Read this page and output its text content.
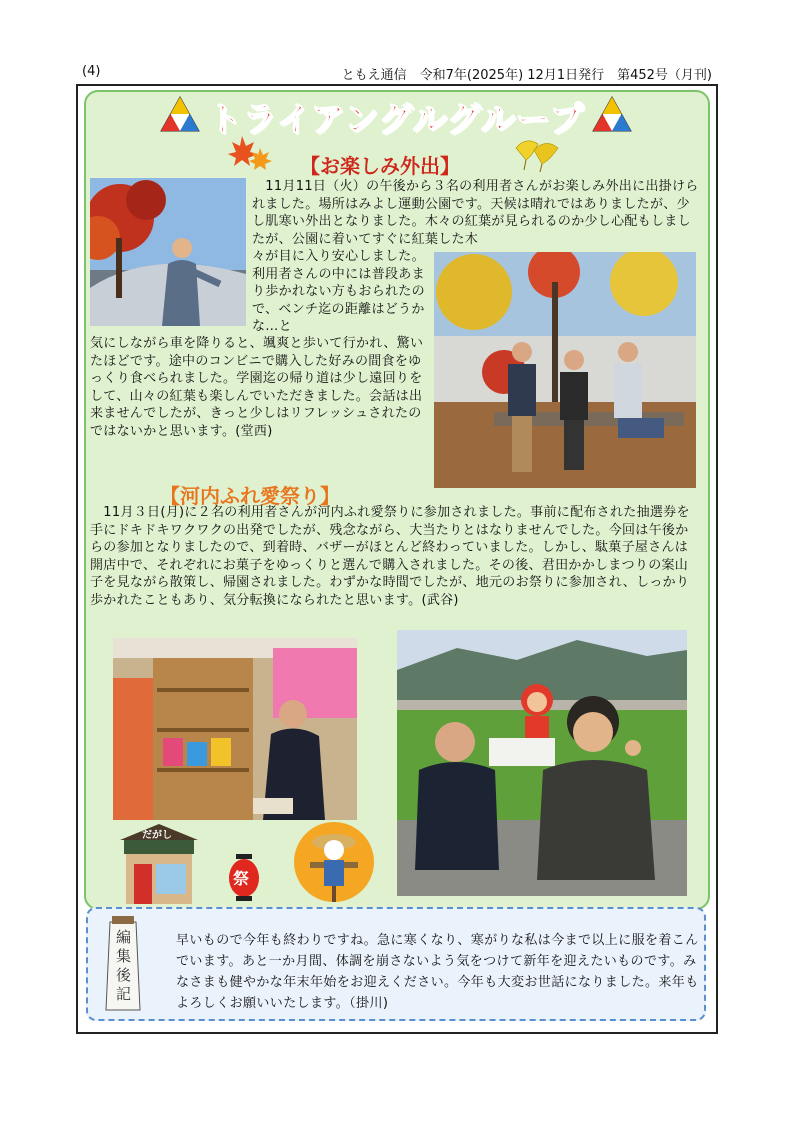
(4)	ともえ通信　令和7年(2025年) 12月1日発行　第452号（月刊)
トライアングルグループ
【お楽しみ外出】
　11月11日（火）の午後から３名の利用者さんがお楽しみ外出に出掛けられました。場所はみよし運動公園です。天候は晴れではありましたが、少し肌寒い外出となりました。木々の紅葉が見られるのか少し心配もしましたが、公園に着いてすぐに紅葉した木
々が目に入り安心しました。利用者さんの中には普段あまり歩かれない方もおられたので、ベンチ迄の距離はどうかな…と
気にしながら車を降りると、颯爽と歩いて行かれ、驚いたほどです。途中のコンビニで購入した好みの間食をゆっくり食べられました。学園迄の帰り道は少し遠回りをして、山々の紅葉も楽しんでいただきました。会話は出来ませんでしたが、きっと少しはリフレッシュされたのではないかと思います。(堂西)
【河内ふれ愛祭り】
　11月３日(月)に２名の利用者さんが河内ふれ愛祭りに参加されました。事前に配布された抽選券を手にドキドキワクワクの出発でしたが、残念ながら、大当たりとはなりませんでした。今回は午後からの参加となりましたので、到着時、バザーがほとんど終わっていました。しかし、駄菓子屋さんは開店中で、それぞれにお菓子をゆっくりと選んで購入されました。その後、君田かかしまつりの案山子を見ながら散策し、帰園されました。わずかな時間でしたが、地元のお祭りに参加され、しっかり歩かれたこともあり、気分転換になられたと思います。(武谷)
だがし
祭
編集後記
早いもので今年も終わりですね。急に寒くなり、寒がりな私は今まで以上に服を着こんでいます。あと一か月間、体調を崩さないよう気をつけて新年を迎えたいものです。みなさまも健やかな年末年始をお迎えください。今年も大変お世話になりました。来年もよろしくお願いいたします。（掛川)
